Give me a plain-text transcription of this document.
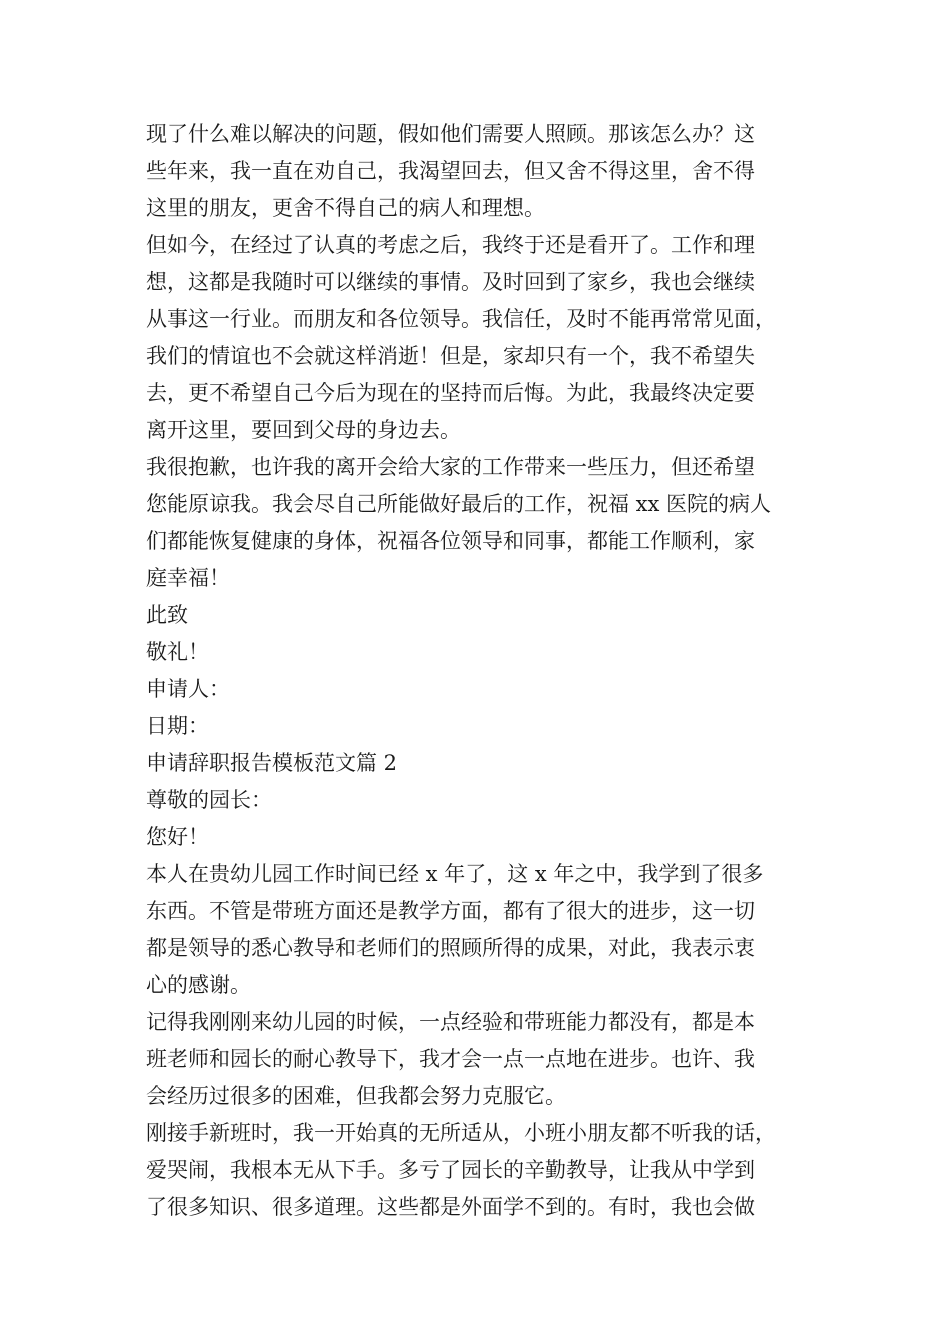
现了什么难以解决的问题，假如他们需要人照顾。那该怎么办？这

些年来，我一直在劝自己，我渴望回去，但又舍不得这里，舍不得

这里的朋友，更舍不得自己的病人和理想。

但如今，在经过了认真的考虑之后，我终于还是看开了。工作和理

想，这都是我随时可以继续的事情。及时回到了家乡，我也会继续

从事这一行业。而朋友和各位领导。我信任，及时不能再常常见面，

我们的情谊也不会就这样消逝！但是，家却只有一个，我不希望失

去，更不希望自己今后为现在的坚持而后悔。为此，我最终决定要

离开这里，要回到父母的身边去。

我很抱歉，也许我的离开会给大家的工作带来一些压力，但还希望

您能原谅我。我会尽自己所能做好最后的工作，祝福 xx 医院的病人

们都能恢复健康的身体，祝福各位领导和同事，都能工作顺利，家

庭幸福！

此致

敬礼！

申请人：

日期：

申请辞职报告模板范文篇 2

尊敬的园长：

您好！

本人在贵幼儿园工作时间已经 x 年了，这 x 年之中，我学到了很多

东西。不管是带班方面还是教学方面，都有了很大的进步，这一切

都是领导的悉心教导和老师们的照顾所得的成果，对此，我表示衷

心的感谢。

记得我刚刚来幼儿园的时候，一点经验和带班能力都没有，都是本

班老师和园长的耐心教导下，我才会一点一点地在进步。也许、我

会经历过很多的困难，但我都会努力克服它。

刚接手新班时，我一开始真的无所适从，小班小朋友都不听我的话，

爱哭闹，我根本无从下手。多亏了园长的辛勤教导，让我从中学到

了很多知识、很多道理。这些都是外面学不到的。有时，我也会做
